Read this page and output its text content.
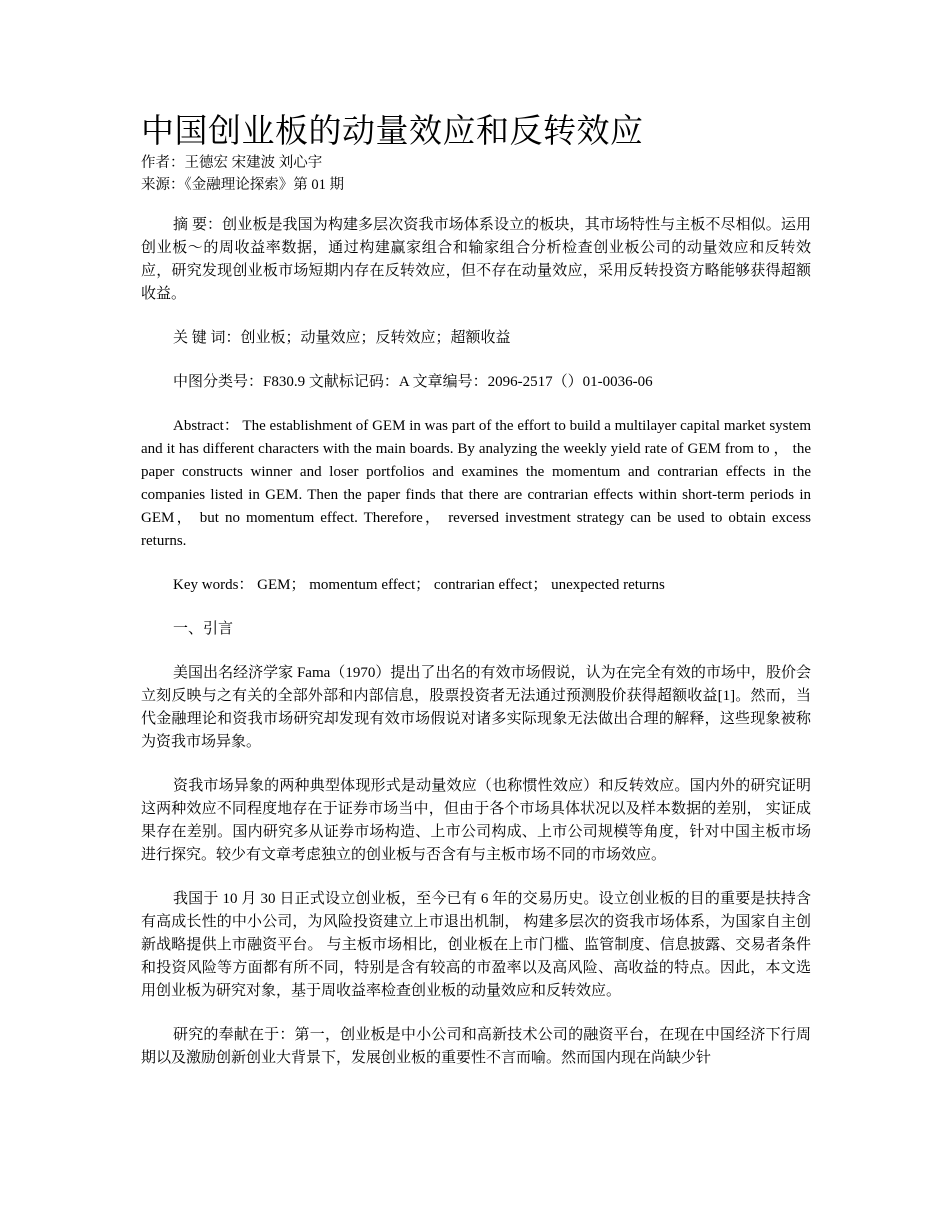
中国创业板的动量效应和反转效应

作者：王德宏 宋建波 刘心宇

来源：《金融理论探索》第 01 期

摘 要：创业板是我国为构建多层次资我市场体系设立的板块，其市场特性与主板不尽相似。运用创业板～的周收益率数据，通过构建赢家组合和输家组合分析检查创业板公司的动量效应和反转效应，研究发现创业板市场短期内存在反转效应，但不存在动量效应，采用反转投资方略能够获得超额收益。

关 键 词：创业板；动量效应；反转效应；超额收益

中图分类号：F830.9 文献标记码：A 文章编号：2096-2517（）01-0036-06

Abstract： The establishment of GEM in was part of the effort to build a multilayer capital market system and it has different characters with the main boards. By analyzing the weekly yield rate of GEM from to ， the paper constructs winner and loser portfolios and examines the momentum and contrarian effects in the companies listed in GEM. Then the paper finds that there are contrarian effects within short-term periods in GEM， but no momentum effect. Therefore， reversed investment strategy can be used to obtain excess returns.

Key words： GEM； momentum effect； contrarian effect； unexpected returns

一、引言

美国出名经济学家 Fama（1970）提出了出名的有效市场假说，认为在完全有效的市场中，股价会立刻反映与之有关的全部外部和内部信息，股票投资者无法通过预测股价获得超额收益[1]。然而，当代金融理论和资我市场研究却发现有效市场假说对诸多实际现象无法做出合理的解释，这些现象被称为资我市场异象。

资我市场异象的两种典型体现形式是动量效应（也称惯性效应）和反转效应。国内外的研究证明这两种效应不同程度地存在于证券市场当中，但由于各个市场具体状况以及样本数据的差别， 实证成果存在差别。国内研究多从证券市场构造、上市公司构成、上市公司规模等角度，针对中国主板市场进行探究。较少有文章考虑独立的创业板与否含有与主板市场不同的市场效应。

我国于 10 月 30 日正式设立创业板，至今已有 6 年的交易历史。设立创业板的目的重要是扶持含有高成长性的中小公司，为风险投资建立上市退出机制， 构建多层次的资我市场体系，为国家自主创新战略提供上市融资平台。 与主板市场相比，创业板在上市门槛、监管制度、信息披露、交易者条件和投资风险等方面都有所不同，特别是含有较高的市盈率以及高风险、高收益的特点。因此，本文选用创业板为研究对象，基于周收益率检查创业板的动量效应和反转效应。

研究的奉献在于：第一，创业板是中小公司和高新技术公司的融资平台，在现在中国经济下行周期以及激励创新创业大背景下，发展创业板的重要性不言而喻。然而国内现在尚缺少针
